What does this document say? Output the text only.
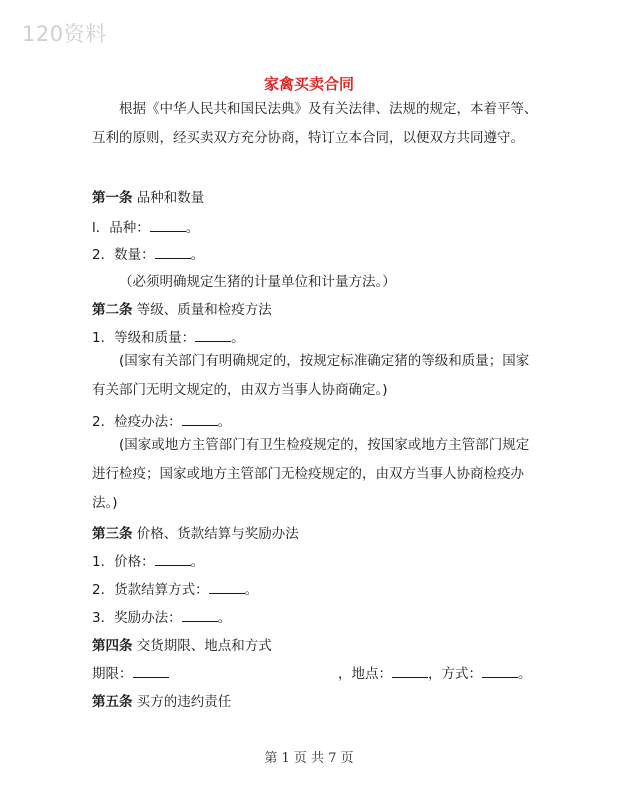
120资料
家禽买卖合同
根据《中华人民共和国民法典》及有关法律、法规的规定，本着平等、互利的原则，经买卖双方充分协商，特订立本合同，以便双方共同遵守。
第一条 品种和数量
l．品种：	。
2．数量：	。
（必须明确规定生猪的计量单位和计量方法。）
第二条 等级、质量和检疫方法
1．等级和质量：	。
(国家有关部门有明确规定的，按规定标准确定猪的等级和质量；国家有关部门无明文规定的，由双方当事人协商确定。)
2．检疫办法：	。
(国家或地方主管部门有卫生检疫规定的，按国家或地方主管部门规定进行检疫；国家或地方主管部门无检疫规定的，由双方当事人协商检疫办法。)
第三条 价格、货款结算与奖励办法
1．价格：	。
2．货款结算方式：	。
3．奖励办法：	。
第四条 交货期限、地点和方式
期限：	，地点：	，方式：	。
第五条 买方的违约责任
第 1 页 共 7 页
